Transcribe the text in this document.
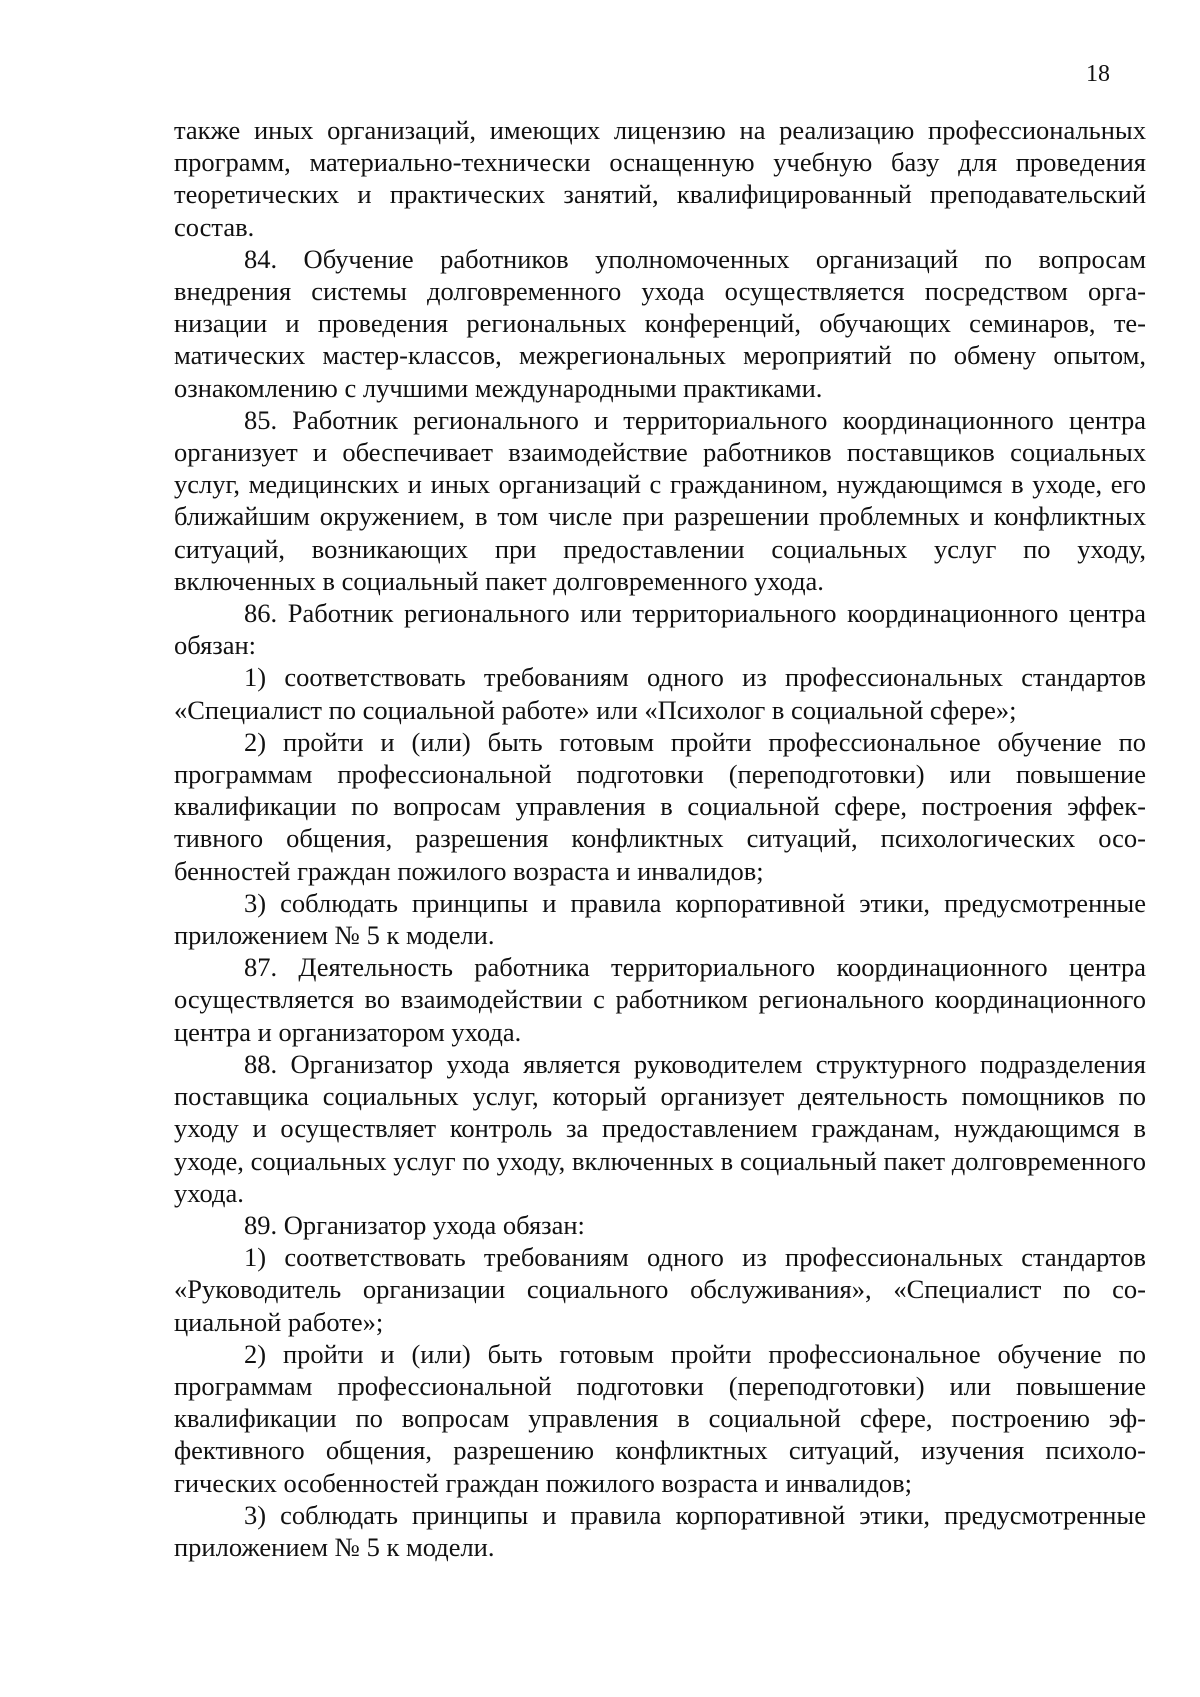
18

также иных организаций, имеющих лицензию на реализацию профессиональных программ, материально-технически оснащенную учебную базу для проведения теоретических и практических занятий, квалифицированный преподавательский состав.

84. Обучение работников уполномоченных организаций по вопросам внедрения системы долговременного ухода осуществляется посредством организации и проведения региональных конференций, обучающих семинаров, тематических мастер-классов, межрегиональных мероприятий по обмену опытом, ознакомлению с лучшими международными практиками.

85. Работник регионального и территориального координационного центра организует и обеспечивает взаимодействие работников поставщиков социальных услуг, медицинских и иных организаций с гражданином, нуждающимся в уходе, его ближайшим окружением, в том числе при разрешении проблемных и конфликтных ситуаций, возникающих при предоставлении социальных услуг по уходу, включенных в социальный пакет долговременного ухода.

86. Работник регионального или территориального координационного центра обязан:

1) соответствовать требованиям одного из профессиональных стандартов «Специалист по социальной работе» или «Психолог в социальной сфере»;

2) пройти и (или) быть готовым пройти профессиональное обучение по программам профессиональной подготовки (переподготовки) или повышение квалификации по вопросам управления в социальной сфере, построения эффективного общения, разрешения конфликтных ситуаций, психологических особенностей граждан пожилого возраста и инвалидов;

3) соблюдать принципы и правила корпоративной этики, предусмотренные приложением № 5 к модели.

87. Деятельность работника территориального координационного центра осуществляется во взаимодействии с работником регионального координационного центра и организатором ухода.

88. Организатор ухода является руководителем структурного подразделения поставщика социальных услуг, который организует деятельность помощников по уходу и осуществляет контроль за предоставлением гражданам, нуждающимся в уходе, социальных услуг по уходу, включенных в социальный пакет долговременного ухода.

89. Организатор ухода обязан:

1) соответствовать требованиям одного из профессиональных стандартов «Руководитель организации социального обслуживания», «Специалист по социальной работе»;

2) пройти и (или) быть готовым пройти профессиональное обучение по программам профессиональной подготовки (переподготовки) или повышение квалификации по вопросам управления в социальной сфере, построению эффективного общения, разрешению конфликтных ситуаций, изучения психологических особенностей граждан пожилого возраста и инвалидов;

3) соблюдать принципы и правила корпоративной этики, предусмотренные приложением № 5 к модели.
